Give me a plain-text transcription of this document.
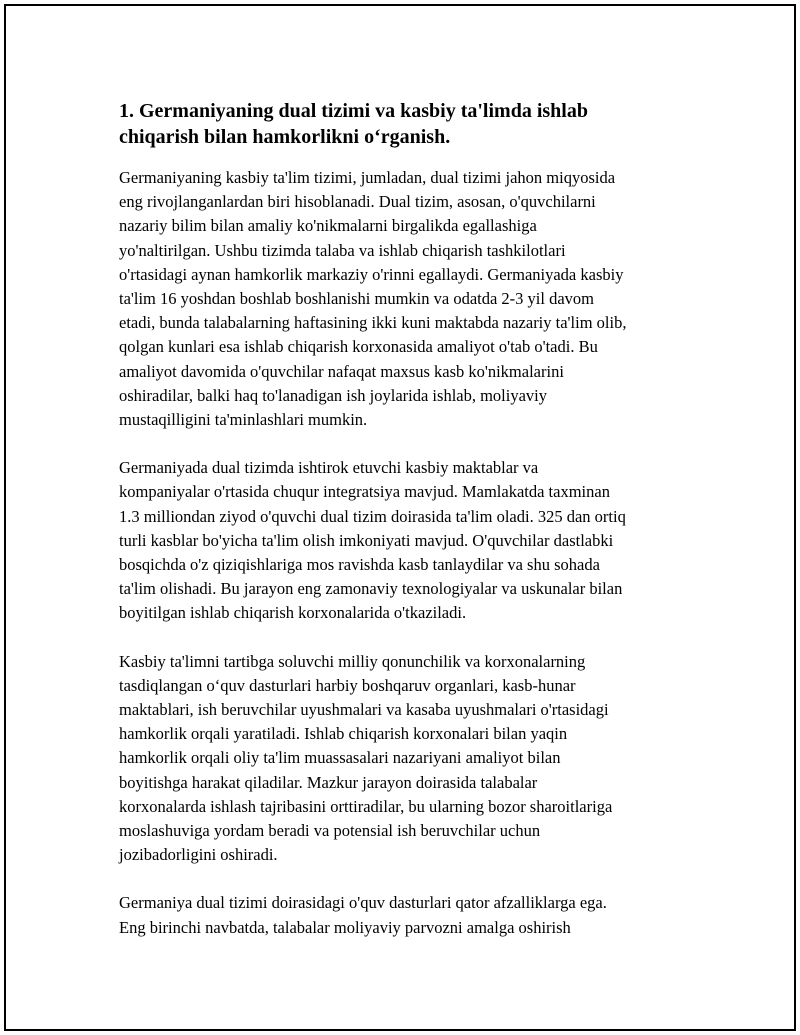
1. Germaniyaning dual tizimi va kasbiy ta'limda ishlab
chiqarish bilan hamkorlikni o‘rganish.
Germaniyaning kasbiy ta'lim tizimi, jumladan, dual tizimi jahon miqyosida
eng rivojlanganlardan biri hisoblanadi. Dual tizim, asosan, o'quvchilarni
nazariy bilim bilan amaliy ko'nikmalarni birgalikda egallashiga
yo'naltirilgan. Ushbu tizimda talaba va ishlab chiqarish tashkilotlari
o'rtasidagi aynan hamkorlik markaziy o'rinni egallaydi. Germaniyada kasbiy
ta'lim 16 yoshdan boshlab boshlanishi mumkin va odatda 2-3 yil davom
etadi, bunda talabalarning haftasining ikki kuni maktabda nazariy ta'lim olib,
qolgan kunlari esa ishlab chiqarish korxonasida amaliyot o'tab o'tadi. Bu
amaliyot davomida o'quvchilar nafaqat maxsus kasb ko'nikmalarini
oshiradilar, balki haq to'lanadigan ish joylarida ishlab, moliyaviy
mustaqilligini ta'minlashlari mumkin.
Germaniyada dual tizimda ishtirok etuvchi kasbiy maktablar va
kompaniyalar o'rtasida chuqur integratsiya mavjud. Mamlakatda taxminan
1.3 milliondan ziyod o'quvchi dual tizim doirasida ta'lim oladi. 325 dan ortiq
turli kasblar bo'yicha ta'lim olish imkoniyati mavjud. O'quvchilar dastlabki
bosqichda o'z qiziqishlariga mos ravishda kasb tanlaydilar va shu sohada
ta'lim olishadi. Bu jarayon eng zamonaviy texnologiyalar va uskunalar bilan
boyitilgan ishlab chiqarish korxonalarida o'tkaziladi.
Kasbiy ta'limni tartibga soluvchi milliy qonunchilik va korxonalarning
tasdiqlangan o‘quv dasturlari harbiy boshqaruv organlari, kasb-hunar
maktablari, ish beruvchilar uyushmalari va kasaba uyushmalari o'rtasidagi
hamkorlik orqali yaratiladi. Ishlab chiqarish korxonalari bilan yaqin
hamkorlik orqali oliy ta'lim muassasalari nazariyani amaliyot bilan
boyitishga harakat qiladilar. Mazkur jarayon doirasida talabalar
korxonalarda ishlash tajribasini orttiradilar, bu ularning bozor sharoitlariga
moslashuviga yordam beradi va potensial ish beruvchilar uchun
jozibadorligini oshiradi.
Germaniya dual tizimi doirasidagi o'quv dasturlari qator afzalliklarga ega.
Eng birinchi navbatda, talabalar moliyaviy parvozni amalga oshirish
